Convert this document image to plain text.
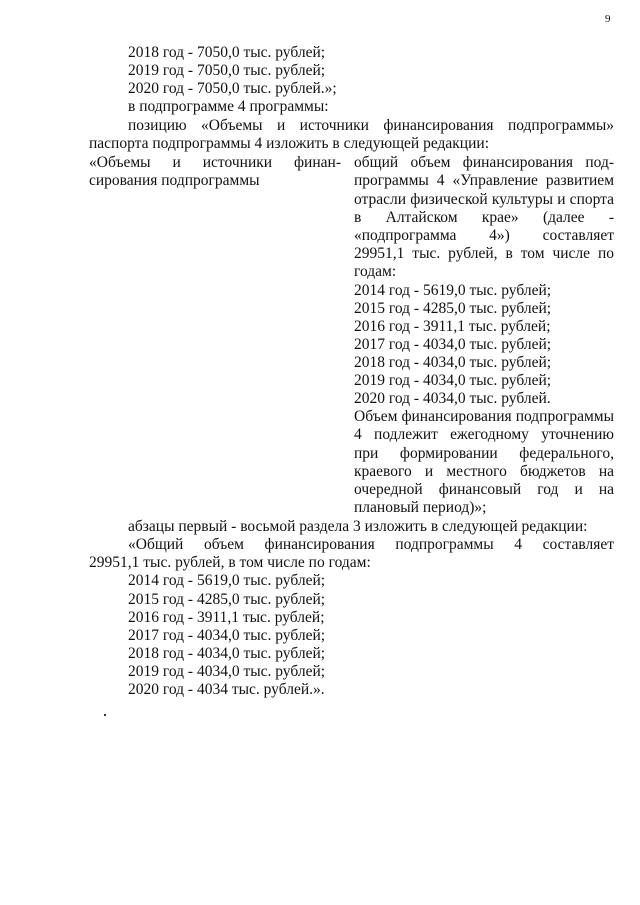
9
2018 год - 7050,0 тыс. рублей;
2019 год - 7050,0 тыс. рублей;
2020 год - 7050,0 тыс. рублей.»;
в подпрограмме 4 программы:
позицию «Объемы и источники финансирования подпрограммы»
паспорта подпрограммы 4 изложить в следующей редакции:
«Объемы и источники финан-
сирования подпрограммы
общий объем финансирования под-
программы 4 «Управление развитием
отрасли физической культуры и спорта
в Алтайском крае» (далее -
«подпрограмма 4») составляет
29951,1 тыс. рублей, в том числе по
годам:
2014 год - 5619,0 тыс. рублей;
2015 год - 4285,0 тыс. рублей;
2016 год - 3911,1 тыс. рублей;
2017 год - 4034,0 тыс. рублей;
2018 год - 4034,0 тыс. рублей;
2019 год - 4034,0 тыс. рублей;
2020 год - 4034,0 тыс. рублей.
Объем финансирования подпрограммы
4 подлежит ежегодному уточнению
при формировании федерального,
краевого и местного бюджетов на
очередной финансовый год и на
плановый период)»;
абзацы первый - восьмой раздела 3 изложить в следующей редакции:
«Общий объем финансирования подпрограммы 4 составляет
29951,1 тыс. рублей, в том числе по годам:
2014 год - 5619,0 тыс. рублей;
2015 год - 4285,0 тыс. рублей;
2016 год - 3911,1 тыс. рублей;
2017 год - 4034,0 тыс. рублей;
2018 год - 4034,0 тыс. рублей;
2019 год - 4034,0 тыс. рублей;
2020 год - 4034 тыс. рублей.».
